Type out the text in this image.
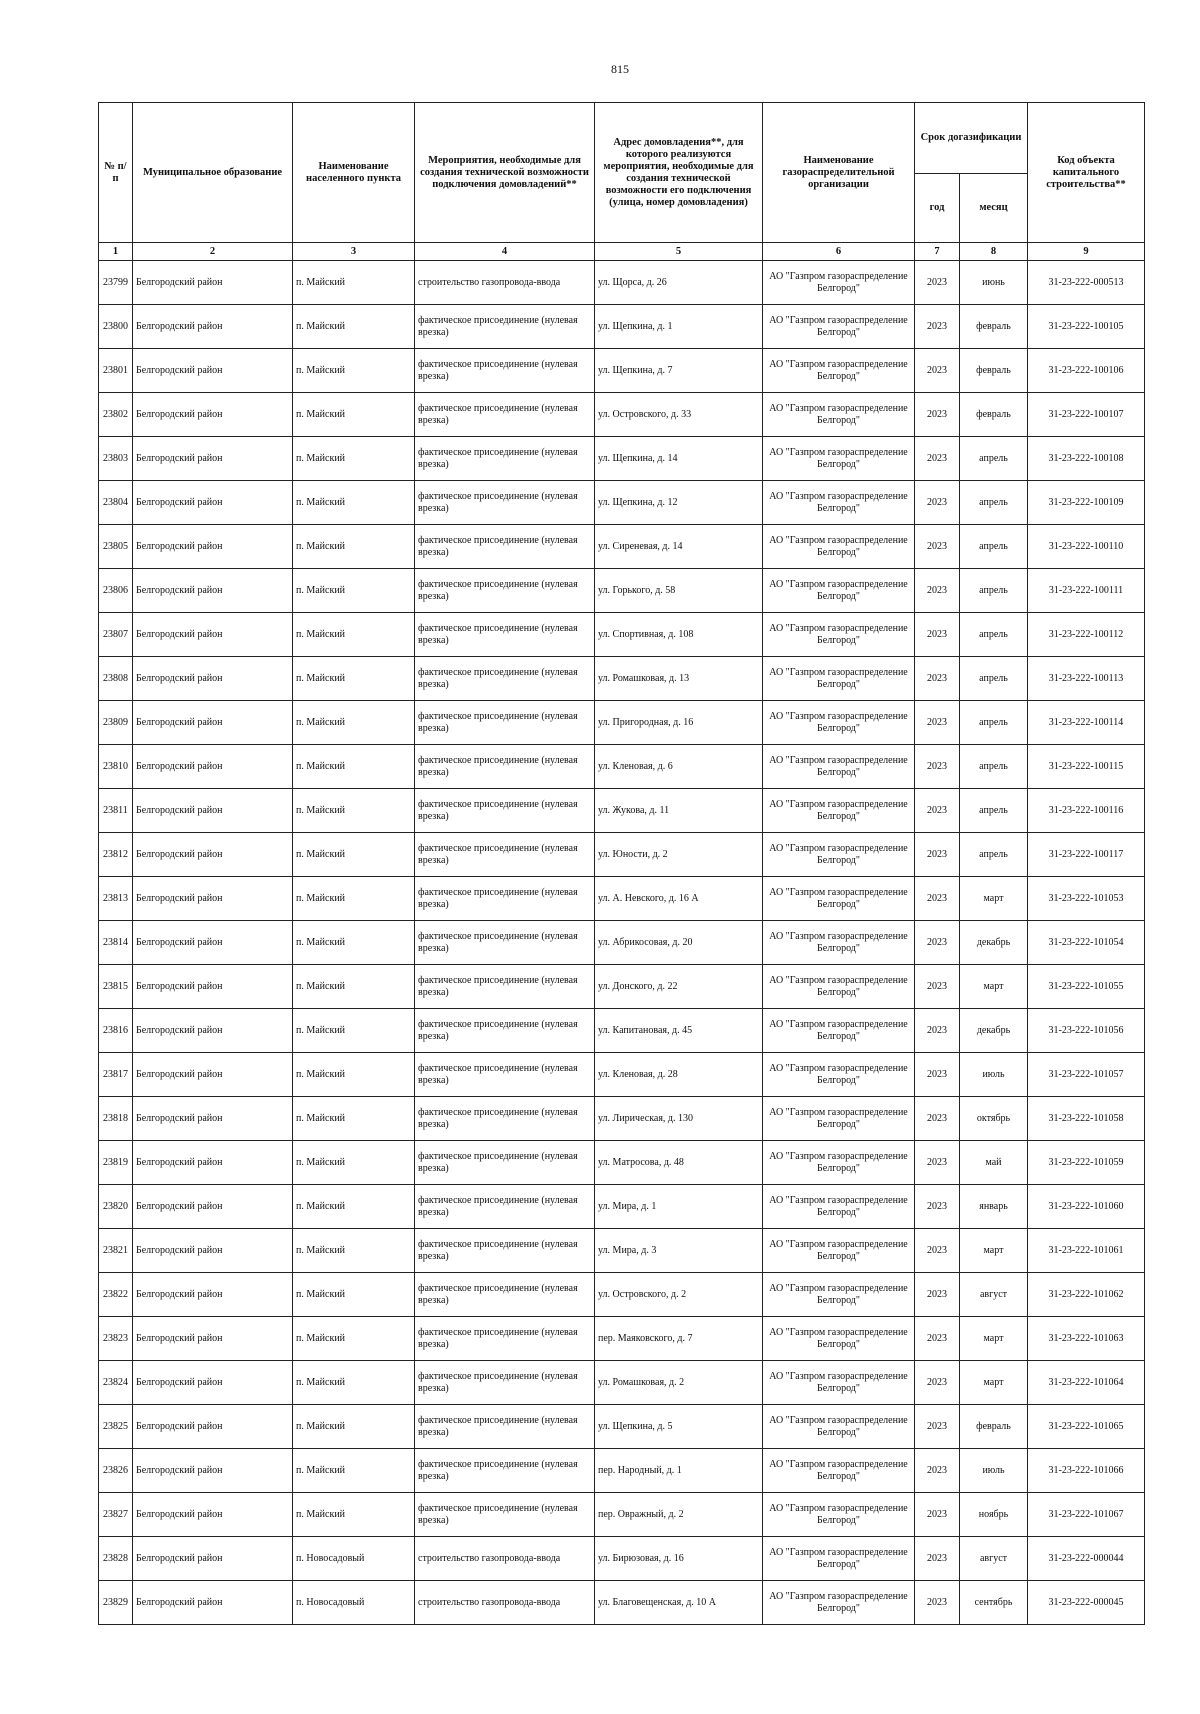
815
№ п/п	Муниципальное образование	Наименование населенного пункта	Мероприятия, необходимые для создания технической возможности подключения домовладений**	Адрес домовладения**, для которого реализуются мероприятия, необходимые для создания технической возможности его подключения (улица, номер домовладения)	Наименование газораспределительной организации	Срок догазификации		Код объекта капитального строительства**
						год	месяц	
1	2	3	4	5	6	7	8	9
23799	Белгородский район	п. Майский	строительство газопровода-ввода	ул. Щорса, д. 26	АО "Газпром газораспределение Белгород"	2023	июнь	31-23-222-000513
23800	Белгородский район	п. Майский	фактическое присоединение (нулевая врезка)	ул. Щепкина, д. 1	АО "Газпром газораспределение Белгород"	2023	февраль	31-23-222-100105
23801	Белгородский район	п. Майский	фактическое присоединение (нулевая врезка)	ул. Щепкина, д. 7	АО "Газпром газораспределение Белгород"	2023	февраль	31-23-222-100106
23802	Белгородский район	п. Майский	фактическое присоединение (нулевая врезка)	ул. Островского, д. 33	АО "Газпром газораспределение Белгород"	2023	февраль	31-23-222-100107
23803	Белгородский район	п. Майский	фактическое присоединение (нулевая врезка)	ул. Щепкина, д. 14	АО "Газпром газораспределение Белгород"	2023	апрель	31-23-222-100108
23804	Белгородский район	п. Майский	фактическое присоединение (нулевая врезка)	ул. Щепкина, д. 12	АО "Газпром газораспределение Белгород"	2023	апрель	31-23-222-100109
23805	Белгородский район	п. Майский	фактическое присоединение (нулевая врезка)	ул. Сиреневая, д. 14	АО "Газпром газораспределение Белгород"	2023	апрель	31-23-222-100110
23806	Белгородский район	п. Майский	фактическое присоединение (нулевая врезка)	ул. Горького, д. 58	АО "Газпром газораспределение Белгород"	2023	апрель	31-23-222-100111
23807	Белгородский район	п. Майский	фактическое присоединение (нулевая врезка)	ул. Спортивная, д. 108	АО "Газпром газораспределение Белгород"	2023	апрель	31-23-222-100112
23808	Белгородский район	п. Майский	фактическое присоединение (нулевая врезка)	ул. Ромашковая, д. 13	АО "Газпром газораспределение Белгород"	2023	апрель	31-23-222-100113
23809	Белгородский район	п. Майский	фактическое присоединение (нулевая врезка)	ул. Пригородная, д. 16	АО "Газпром газораспределение Белгород"	2023	апрель	31-23-222-100114
23810	Белгородский район	п. Майский	фактическое присоединение (нулевая врезка)	ул. Кленовая, д. 6	АО "Газпром газораспределение Белгород"	2023	апрель	31-23-222-100115
23811	Белгородский район	п. Майский	фактическое присоединение (нулевая врезка)	ул. Жукова, д. 11	АО "Газпром газораспределение Белгород"	2023	апрель	31-23-222-100116
23812	Белгородский район	п. Майский	фактическое присоединение (нулевая врезка)	ул. Юности, д. 2	АО "Газпром газораспределение Белгород"	2023	апрель	31-23-222-100117
23813	Белгородский район	п. Майский	фактическое присоединение (нулевая врезка)	ул. А. Невского, д. 16 А	АО "Газпром газораспределение Белгород"	2023	март	31-23-222-101053
23814	Белгородский район	п. Майский	фактическое присоединение (нулевая врезка)	ул. Абрикосовая, д. 20	АО "Газпром газораспределение Белгород"	2023	декабрь	31-23-222-101054
23815	Белгородский район	п. Майский	фактическое присоединение (нулевая врезка)	ул. Донского, д. 22	АО "Газпром газораспределение Белгород"	2023	март	31-23-222-101055
23816	Белгородский район	п. Майский	фактическое присоединение (нулевая врезка)	ул. Капитановая, д. 45	АО "Газпром газораспределение Белгород"	2023	декабрь	31-23-222-101056
23817	Белгородский район	п. Майский	фактическое присоединение (нулевая врезка)	ул. Кленовая, д. 28	АО "Газпром газораспределение Белгород"	2023	июль	31-23-222-101057
23818	Белгородский район	п. Майский	фактическое присоединение (нулевая врезка)	ул. Лирическая, д. 130	АО "Газпром газораспределение Белгород"	2023	октябрь	31-23-222-101058
23819	Белгородский район	п. Майский	фактическое присоединение (нулевая врезка)	ул. Матросова, д. 48	АО "Газпром газораспределение Белгород"	2023	май	31-23-222-101059
23820	Белгородский район	п. Майский	фактическое присоединение (нулевая врезка)	ул. Мира, д. 1	АО "Газпром газораспределение Белгород"	2023	январь	31-23-222-101060
23821	Белгородский район	п. Майский	фактическое присоединение (нулевая врезка)	ул. Мира, д. 3	АО "Газпром газораспределение Белгород"	2023	март	31-23-222-101061
23822	Белгородский район	п. Майский	фактическое присоединение (нулевая врезка)	ул. Островского, д. 2	АО "Газпром газораспределение Белгород"	2023	август	31-23-222-101062
23823	Белгородский район	п. Майский	фактическое присоединение (нулевая врезка)	пер. Маяковского, д. 7	АО "Газпром газораспределение Белгород"	2023	март	31-23-222-101063
23824	Белгородский район	п. Майский	фактическое присоединение (нулевая врезка)	ул. Ромашковая, д. 2	АО "Газпром газораспределение Белгород"	2023	март	31-23-222-101064
23825	Белгородский район	п. Майский	фактическое присоединение (нулевая врезка)	ул. Щепкина, д. 5	АО "Газпром газораспределение Белгород"	2023	февраль	31-23-222-101065
23826	Белгородский район	п. Майский	фактическое присоединение (нулевая врезка)	пер. Народный, д. 1	АО "Газпром газораспределение Белгород"	2023	июль	31-23-222-101066
23827	Белгородский район	п. Майский	фактическое присоединение (нулевая врезка)	пер. Овражный, д. 2	АО "Газпром газораспределение Белгород"	2023	ноябрь	31-23-222-101067
23828	Белгородский район	п. Новосадовый	строительство газопровода-ввода	ул. Бирюзовая, д. 16	АО "Газпром газораспределение Белгород"	2023	август	31-23-222-000044
23829	Белгородский район	п. Новосадовый	строительство газопровода-ввода	ул. Благовещенская, д. 10 А	АО "Газпром газораспределение Белгород"	2023	сентябрь	31-23-222-000045
